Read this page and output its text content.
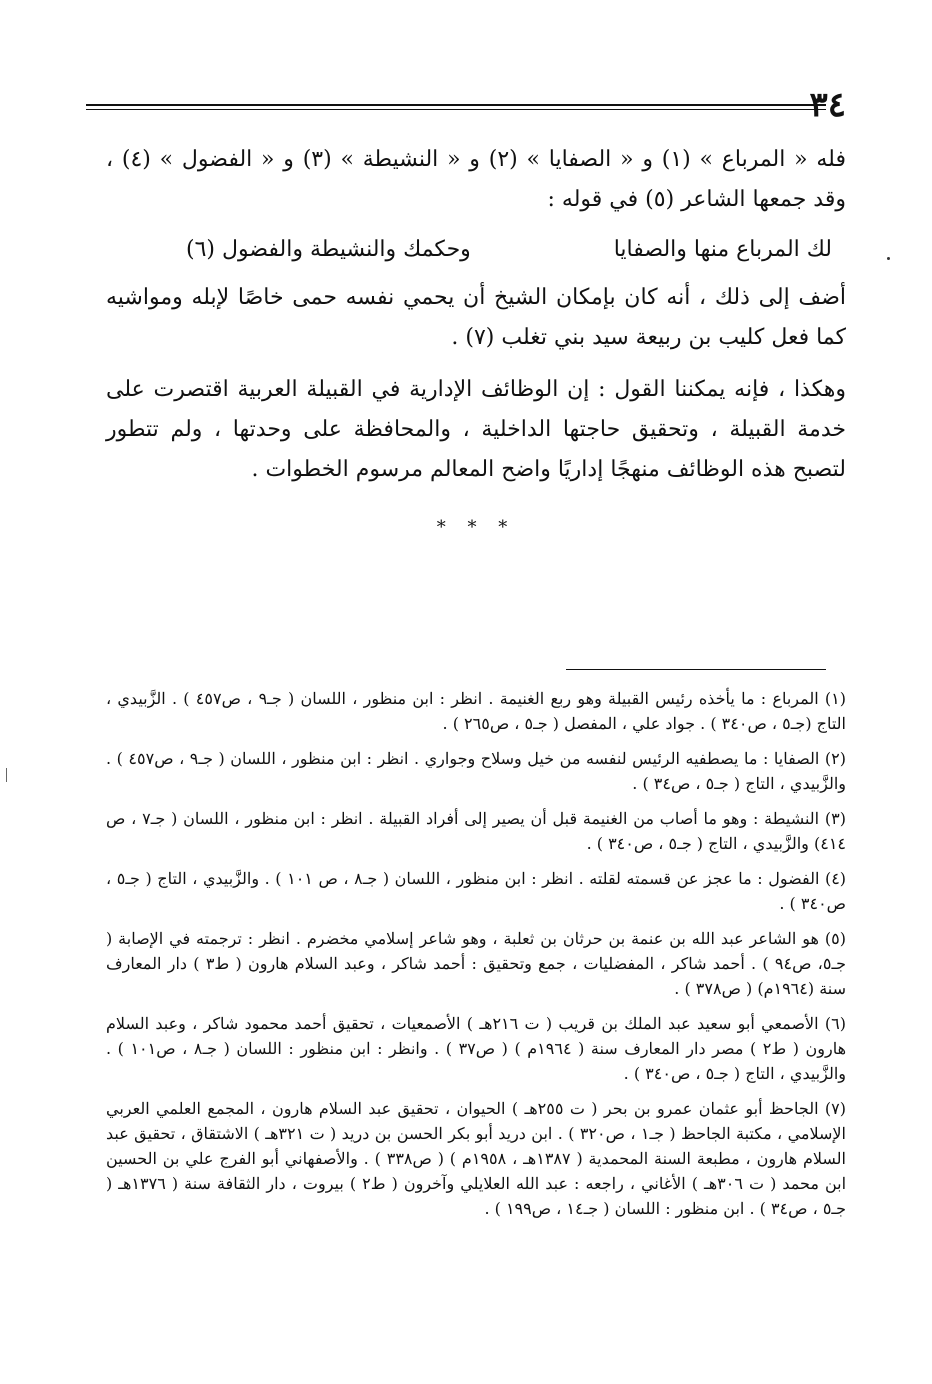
٣٤

فله « المرباع » (١) و « الصفايا » (٢) و « النشيطة » (٣) و « الفضول » (٤) ، وقد جمعها الشاعر (٥) في قوله :

لك المرباع منها والصفايا
وحكمك والنشيطة والفضول (٦)

أضف إلى ذلك ، أنه كان بإمكان الشيخ أن يحمي نفسه حمى خاصًا لإبله ومواشيه كما فعل كليب بن ربيعة سيد بني تغلب (٧) .

وهكذا ، فإنه يمكننا القول : إن الوظائف الإدارية في القبيلة العربية اقتصرت على خدمة القبيلة ، وتحقيق حاجتها الداخلية ، والمحافظة على وحدتها ، ولم تتطور لتصبح هذه الوظائف منهجًا إداريًا واضح المعالم مرسوم الخطوات .

* * *

(١) المرباع : ما يأخذه رئيس القبيلة وهو ربع الغنيمة . انظر : ابن منظور ، اللسان ( جـ٩ ، ص٤٥٧ ) . الزَّبيدي ، التاج (جـ٥ ، ص٣٤٠ ) . جواد علي ، المفصل ( جـ٥ ، ص٢٦٥ ) .

(٢) الصفايا : ما يصطفيه الرئيس لنفسه من خيل وسلاح وجواري . انظر : ابن منظور ، اللسان ( جـ٩ ، ص٤٥٧ ) . والزَّبيدي ، التاج ( جـ٥ ، ص٣٤ ) .

(٣) النشيطة : وهو ما أصاب من الغنيمة قبل أن يصير إلى أفراد القبيلة . انظر : ابن منظور ، اللسان ( جـ٧ ، ص ٤١٤) والزَّبيدي ، التاج ( جـ٥ ، ص٣٤٠ ) .

(٤) الفضول : ما عجز عن قسمته لقلته . انظر : ابن منظور ، اللسان ( جـ٨ ، ص ١٠١ ) . والزَّبيدي ، التاج ( جـ٥ ، ص٣٤٠ ) .

(٥) هو الشاعر عبد الله بن عنمة بن حرثان بن ثعلبة ، وهو شاعر إسلامي مخضرم . انظر : ترجمته في الإصابة ( جـ٥، ص٩٤ ) . أحمد شاكر ، المفضليات ، جمع وتحقيق : أحمد شاكر ، وعبد السلام هارون ( ط٣ ) دار المعارف سنة (١٩٦٤م) ( ص٣٧٨ ) .

(٦) الأصمعي أبو سعيد عبد الملك بن قريب ( ت ٢١٦هـ ) الأصمعيات ، تحقيق أحمد محمود شاكر ، وعبد السلام هارون ( ط٢ ) مصر دار المعارف سنة ( ١٩٦٤م ) ( ص٣٧ ) . وانظر : ابن منظور : اللسان ( جـ٨ ، ص١٠١ ) . والزَّبيدي ، التاج ( جـ٥ ، ص٣٤٠ ) .

(٧) الجاحظ أبو عثمان عمرو بن بحر ( ت ٢٥٥هـ ) الحيوان ، تحقيق عبد السلام هارون ، المجمع العلمي العربي الإسلامي ، مكتبة الجاحظ ( جـ١ ، ص٣٢٠ ) . ابن دريد أبو بكر الحسن بن دريد ( ت ٣٢١هـ ) الاشتقاق ، تحقيق عبد السلام هارون ، مطبعة السنة المحمدية ( ١٣٨٧هـ ، ١٩٥٨م ) ( ص٣٣٨ ) . والأصفهاني أبو الفرج علي بن الحسين ابن محمد ( ت ٣٠٦هـ ) الأغاني ، راجعه : عبد الله العلايلي وآخرون ( ط٢ ) بيروت ، دار الثقافة سنة ( ١٣٧٦هـ ( جـ٥ ، ص٣٤ ) . ابن منظور : اللسان ( جـ١٤ ، ص١٩٩ ) .
